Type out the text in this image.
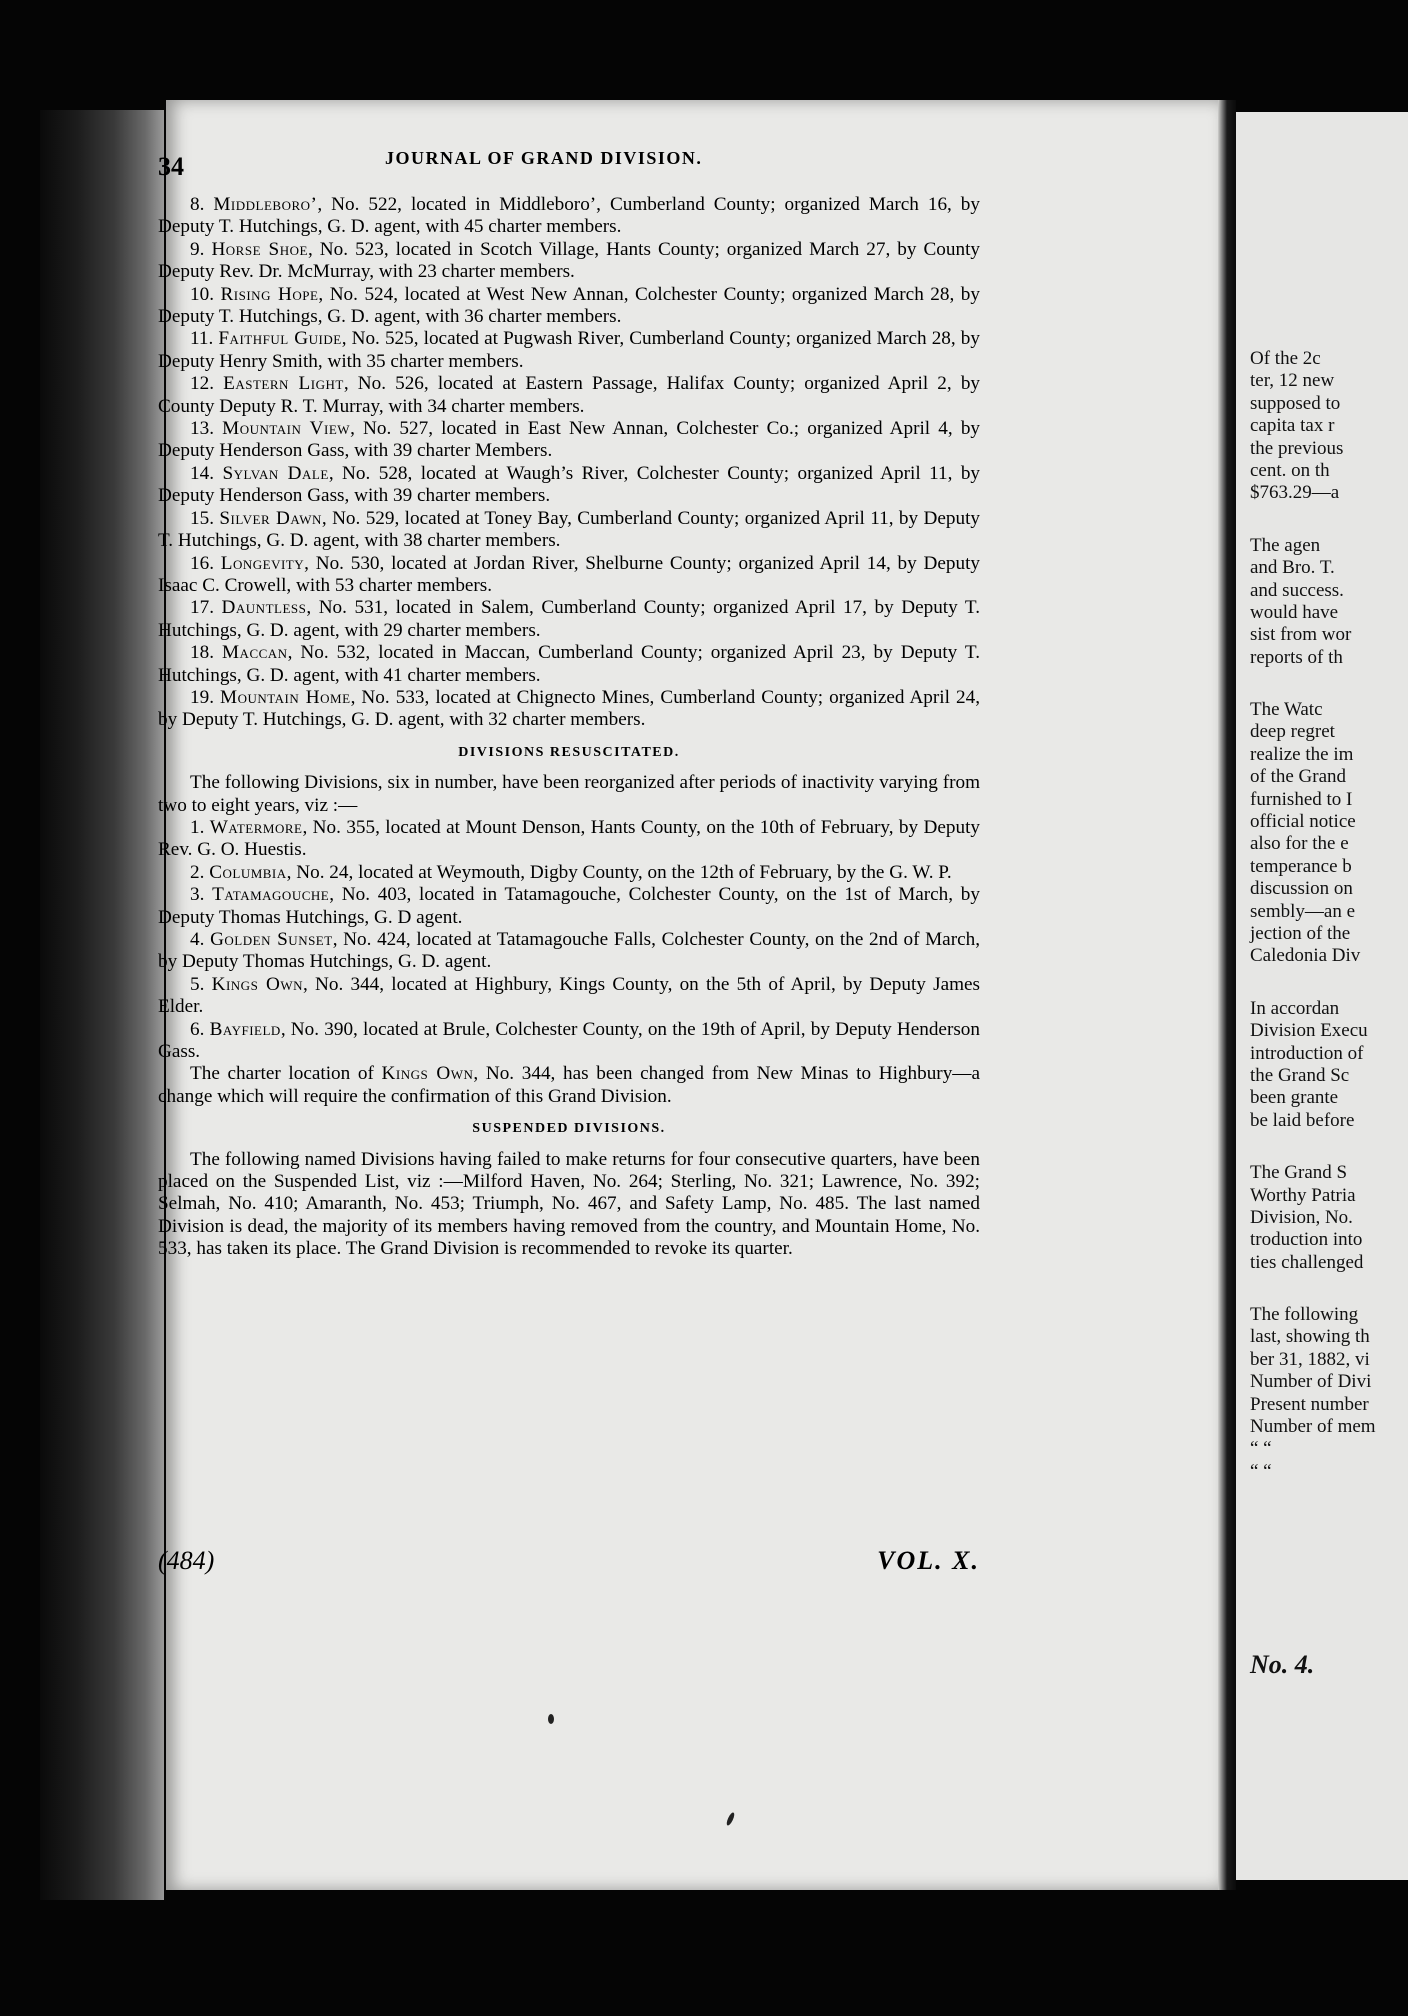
Of the 2c
ter, 12 new
supposed to
capita tax r
the previous
cent. on th
$763.29—a
The agen
and Bro. T.
and success.
would have
sist from wor
reports of th
The Watc
deep regret
realize the im
of the Grand
furnished to I
official notice
also for the e
temperance b
discussion on
sembly—an e
jection of the
Caledonia Div
In accordan
Division Execu
introduction of
the Grand Sc
been grante
be laid before
The Grand S
Worthy Patria
Division, No.
troduction into
ties challenged
The following
last, showing th
ber 31, 1882, vi
Number of Divi
Present number
Number of mem
“ “
“ “
No. 4.
34	JOURNAL OF GRAND DIVISION.

8. Middleboro’, No. 522, located in Middleboro’, Cumberland County; organized March 16, by Deputy T. Hutchings, G. D. agent, with 45 charter members.

9. Horse Shoe, No. 523, located in Scotch Village, Hants County; organized March 27, by County Deputy Rev. Dr. McMurray, with 23 charter members.

10. Rising Hope, No. 524, located at West New Annan, Colchester County; organized March 28, by Deputy T. Hutchings, G. D. agent, with 36 charter members.

11. Faithful Guide, No. 525, located at Pugwash River, Cumberland County; organized March 28, by Deputy Henry Smith, with 35 charter members.

12. Eastern Light, No. 526, located at Eastern Passage, Halifax County; organized April 2, by County Deputy R. T. Murray, with 34 charter members.

13. Mountain View, No. 527, located in East New Annan, Colchester Co.; organized April 4, by Deputy Henderson Gass, with 39 charter Members.

14. Sylvan Dale, No. 528, located at Waugh’s River, Colchester County; organized April 11, by Deputy Henderson Gass, with 39 charter members.

15. Silver Dawn, No. 529, located at Toney Bay, Cumberland County; organized April 11, by Deputy T. Hutchings, G. D. agent, with 38 charter members.

16. Longevity, No. 530, located at Jordan River, Shelburne County; organized April 14, by Deputy Isaac C. Crowell, with 53 charter members.

17. Dauntless, No. 531, located in Salem, Cumberland County; organized April 17, by Deputy T. Hutchings, G. D. agent, with 29 charter members.

18. Maccan, No. 532, located in Maccan, Cumberland County; organized April 23, by Deputy T. Hutchings, G. D. agent, with 41 charter members.

19. Mountain Home, No. 533, located at Chignecto Mines, Cumberland County; organized April 24, by Deputy T. Hutchings, G. D. agent, with 32 charter members.

DIVISIONS RESUSCITATED.

The following Divisions, six in number, have been reorganized after periods of inactivity varying from two to eight years, viz :—

1. Watermore, No. 355, located at Mount Denson, Hants County, on the 10th of February, by Deputy Rev. G. O. Huestis.

2. Columbia, No. 24, located at Weymouth, Digby County, on the 12th of February, by the G. W. P.

3. Tatamagouche, No. 403, located in Tatamagouche, Colchester County, on the 1st of March, by Deputy Thomas Hutchings, G. D agent.

4. Golden Sunset, No. 424, located at Tatamagouche Falls, Colchester County, on the 2nd of March, by Deputy Thomas Hutchings, G. D. agent.

5. Kings Own, No. 344, located at Highbury, Kings County, on the 5th of April, by Deputy James Elder.

6. Bayfield, No. 390, located at Brule, Colchester County, on the 19th of April, by Deputy Henderson Gass.

The charter location of Kings Own, No. 344, has been changed from New Minas to Highbury—a change which will require the confirmation of this Grand Division.

SUSPENDED DIVISIONS.

The following named Divisions having failed to make returns for four consecutive quarters, have been placed on the Suspended List, viz :—Milford Haven, No. 264; Sterling, No. 321; Lawrence, No. 392; Selmah, No. 410; Amaranth, No. 453; Triumph, No. 467, and Safety Lamp, No. 485. The last named Division is dead, the majority of its members having removed from the country, and Mountain Home, No. 533, has taken its place. The Grand Division is recommended to revoke its quarter.

(484)	VOL. X.
